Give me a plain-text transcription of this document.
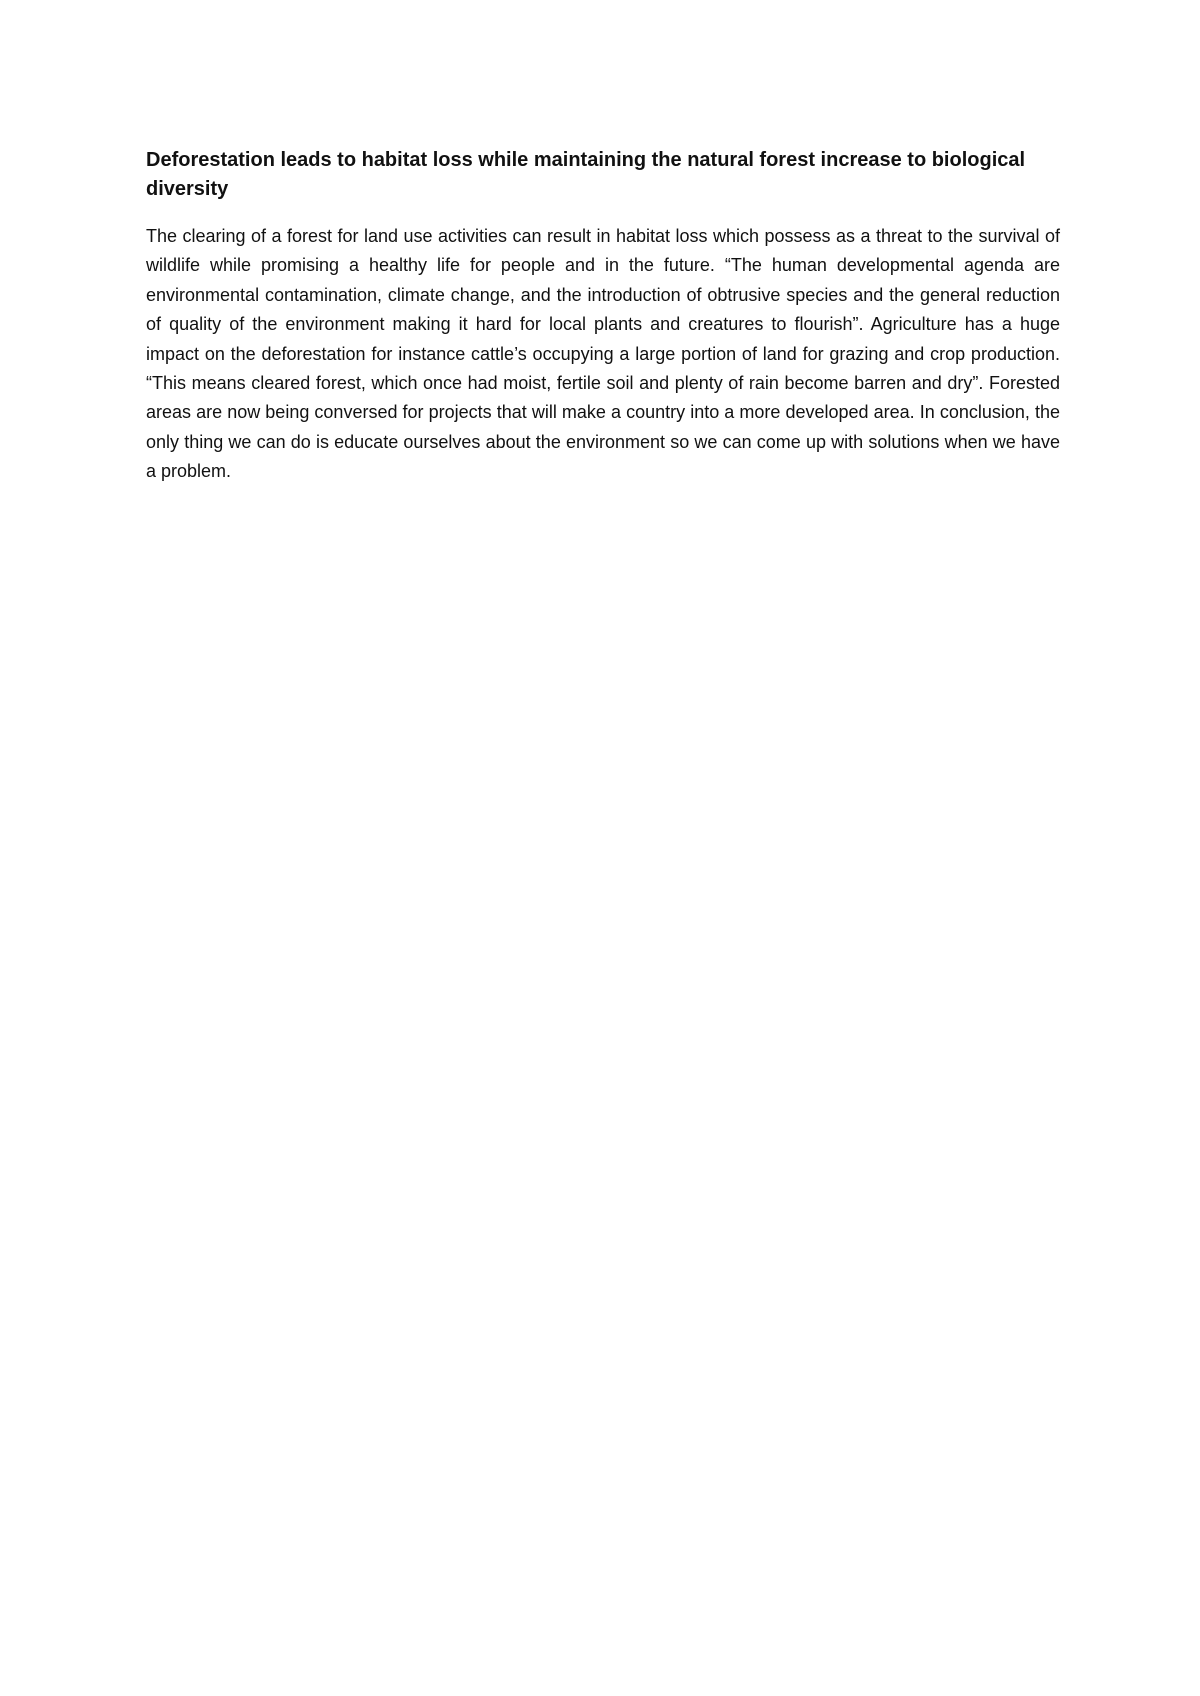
Deforestation leads to habitat loss while maintaining the natural forest increase to biological diversity

The clearing of a forest for land use activities can result in habitat loss which possess as a threat to the survival of wildlife while promising a healthy life for people and in the future. “The human developmental agenda are environmental contamination, climate change, and the introduction of obtrusive species and the general reduction of quality of the environment making it hard for local plants and creatures to flourish”. Agriculture has a huge impact on the deforestation for instance cattle’s occupying a large portion of land for grazing and crop production. “This means cleared forest, which once had moist, fertile soil and plenty of rain become barren and dry”. Forested areas are now being conversed for projects that will make a country into a more developed area. In conclusion, the only thing we can do is educate ourselves about the environment so we can come up with solutions when we have a problem.
